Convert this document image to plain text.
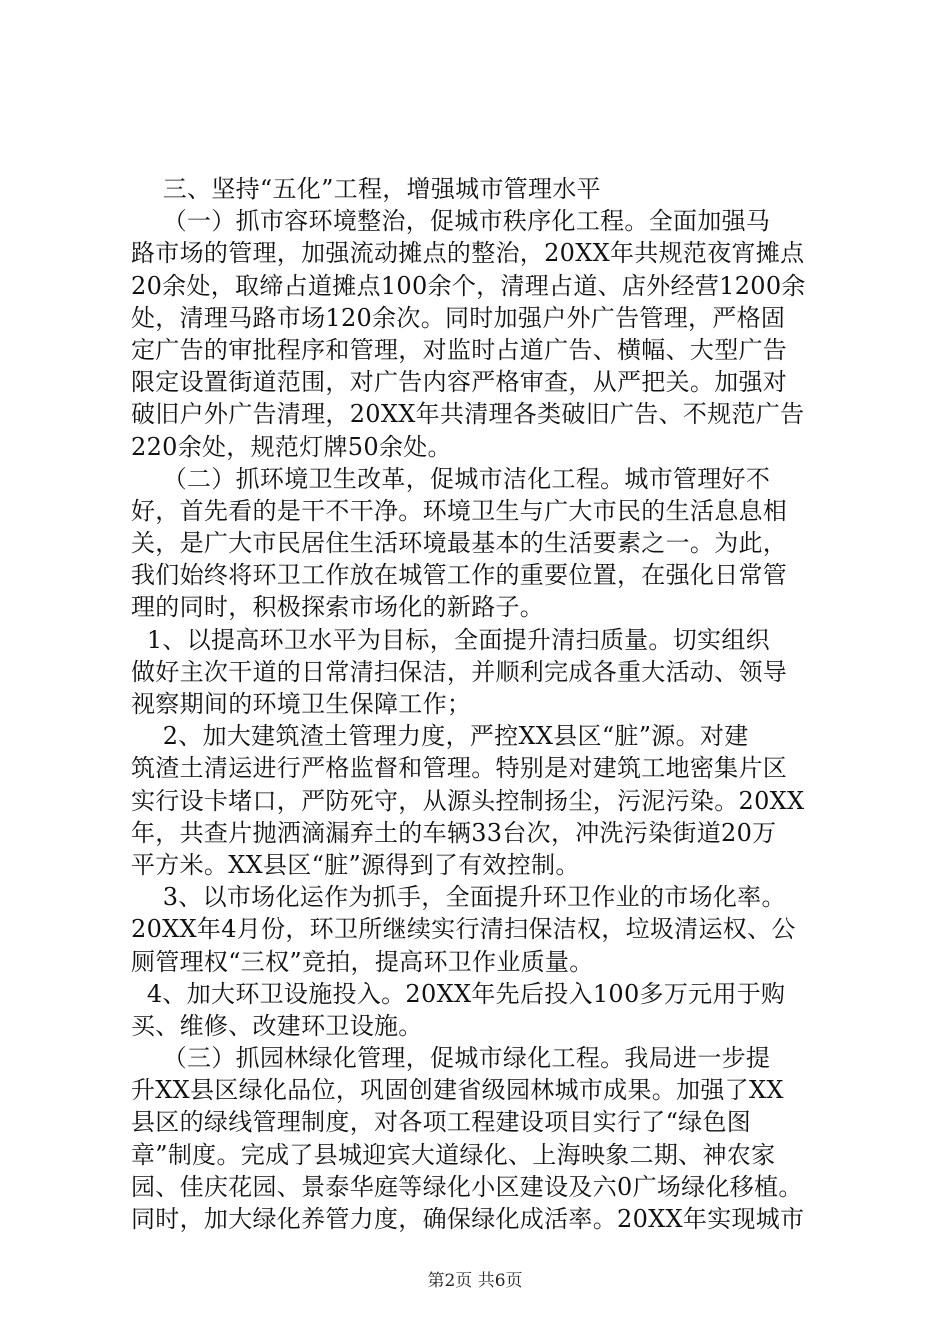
三、坚持“五化”工程，增强城市管理水平
（一）抓市容环境整治，促城市秩序化工程。全面加强马
路市场的管理，加强流动摊点的整治，20XX年共规范夜宵摊点
20余处，取缔占道摊点100余个，清理占道、店外经营1200余
处，清理马路市场120余次。同时加强户外广告管理，严格固
定广告的审批程序和管理，对监时占道广告、横幅、大型广告
限定设置街道范围，对广告内容严格审查，从严把关。加强对
破旧户外广告清理，20XX年共清理各类破旧广告、不规范广告
220余处，规范灯牌50余处。
（二）抓环境卫生改革，促城市洁化工程。城市管理好不
好，首先看的是干不干净。环境卫生与广大市民的生活息息相
关，是广大市民居住生活环境最基本的生活要素之一。为此，
我们始终将环卫工作放在城管工作的重要位置，在强化日常管
理的同时，积极探索市场化的新路子。
1、以提高环卫水平为目标，全面提升清扫质量。切实组织
做好主次干道的日常清扫保洁，并顺利完成各重大活动、领导
视察期间的环境卫生保障工作；
2、加大建筑渣土管理力度，严控XX县区“脏”源。对建
筑渣土清运进行严格监督和管理。特别是对建筑工地密集片区
实行设卡堵口，严防死守，从源头控制扬尘，污泥污染。20XX
年，共查片抛洒滴漏弃土的车辆33台次，冲洗污染街道20万
平方米。XX县区“脏”源得到了有效控制。
3、以市场化运作为抓手，全面提升环卫作业的市场化率。
20XX年4月份，环卫所继续实行清扫保洁权，垃圾清运权、公
厕管理权“三权”竞拍，提高环卫作业质量。
4、加大环卫设施投入。20XX年先后投入100多万元用于购
买、维修、改建环卫设施。
（三）抓园林绿化管理，促城市绿化工程。我局进一步提
升XX县区绿化品位，巩固创建省级园林城市成果。加强了XX
县区的绿线管理制度，对各项工程建设项目实行了“绿色图
章”制度。完成了县城迎宾大道绿化、上海映象二期、神农家
园、佳庆花园、景泰华庭等绿化小区建设及六0广场绿化移植。
同时，加大绿化养管力度，确保绿化成活率。20XX年实现城市
第2页 共6页
